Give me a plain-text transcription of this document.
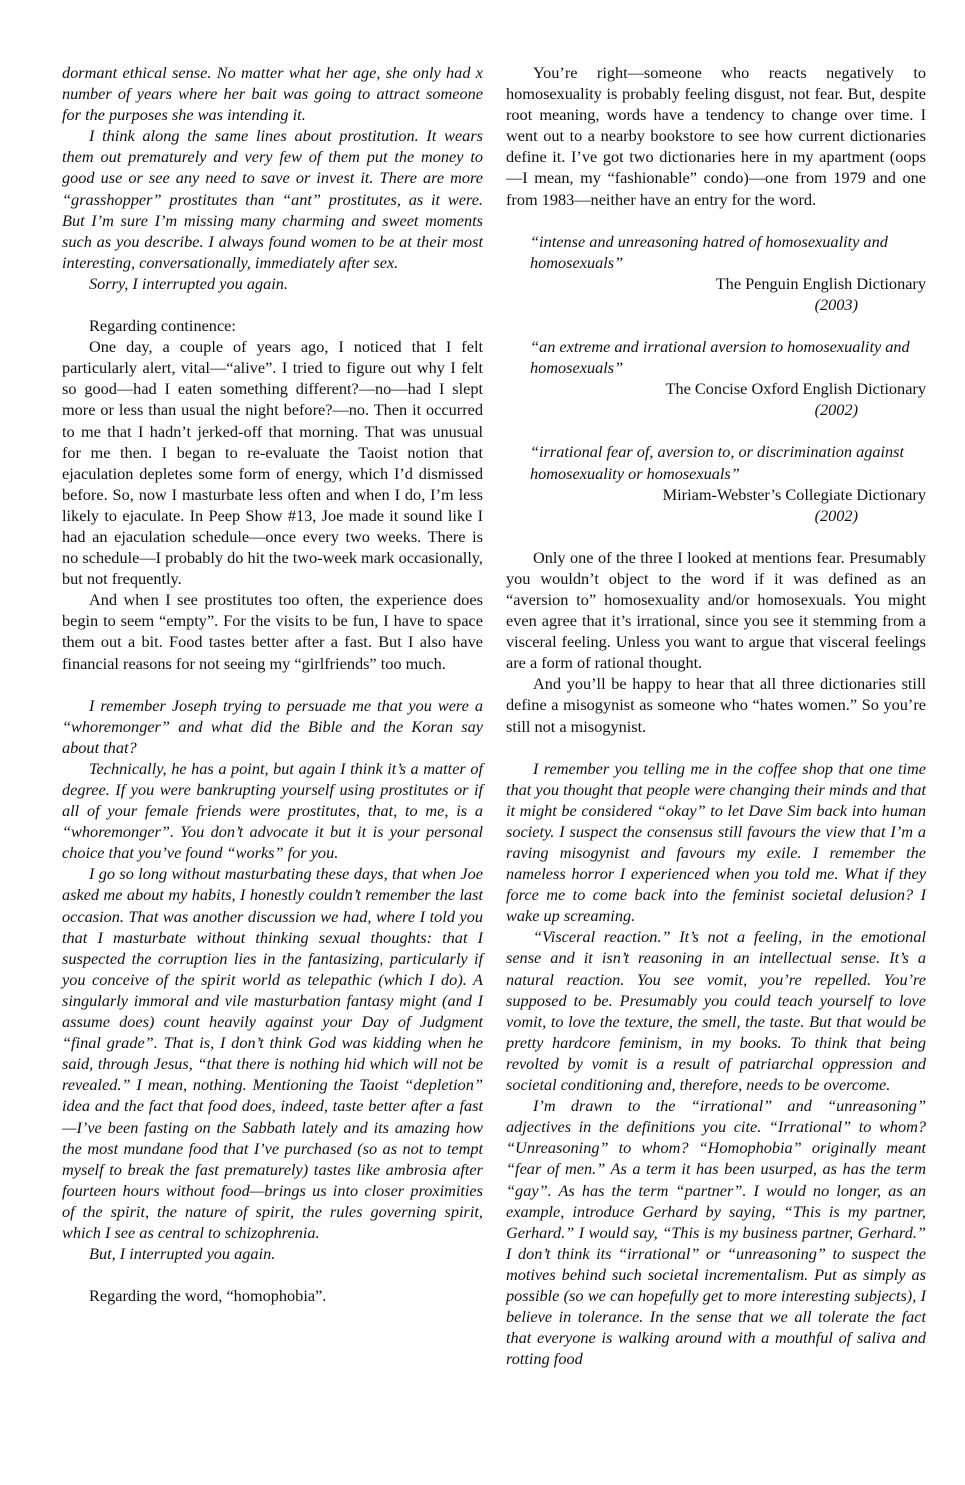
dormant ethical sense. No matter what her age, she only had x number of years where her bait was going to attract someone for the purposes she was intending it.

I think along the same lines about prostitution. It wears them out prematurely and very few of them put the money to good use or see any need to save or invest it. There are more “grasshopper” prostitutes than “ant” prostitutes, as it were. But I’m sure I’m missing many charming and sweet moments such as you describe. I always found women to be at their most interesting, conversationally, immediately after sex.

Sorry, I interrupted you again.

Regarding continence:

One day, a couple of years ago, I noticed that I felt particularly alert, vital—“alive”. I tried to figure out why I felt so good—had I eaten something different?—no—had I slept more or less than usual the night before?—no. Then it occurred to me that I hadn’t jerked-off that morning. That was unusual for me then. I began to re-evaluate the Taoist notion that ejaculation depletes some form of energy, which I’d dismissed before. So, now I masturbate less often and when I do, I’m less likely to ejaculate. In Peep Show #13, Joe made it sound like I had an ejaculation schedule—once every two weeks. There is no schedule—I probably do hit the two-week mark occasionally, but not frequently.

And when I see prostitutes too often, the experience does begin to seem “empty”. For the visits to be fun, I have to space them out a bit. Food tastes better after a fast. But I also have financial reasons for not seeing my “girlfriends” too much.

I remember Joseph trying to persuade me that you were a “whoremonger” and what did the Bible and the Koran say about that?

Technically, he has a point, but again I think it’s a matter of degree. If you were bankrupting yourself using prostitutes or if all of your female friends were prostitutes, that, to me, is a “whoremonger”. You don’t advocate it but it is your personal choice that you’ve found “works” for you.

I go so long without masturbating these days, that when Joe asked me about my habits, I honestly couldn’t remember the last occasion. That was another discussion we had, where I told you that I masturbate without thinking sexual thoughts: that I suspected the corruption lies in the fantasizing, particularly if you conceive of the spirit world as telepathic (which I do). A singularly immoral and vile masturbation fantasy might (and I assume does) count heavily against your Day of Judgment “final grade”. That is, I don’t think God was kidding when he said, through Jesus, “that there is nothing hid which will not be revealed.” I mean, nothing. Mentioning the Taoist “depletion” idea and the fact that food does, indeed, taste better after a fast—I’ve been fasting on the Sabbath lately and its amazing how the most mundane food that I’ve purchased (so as not to tempt myself to break the fast prematurely) tastes like ambrosia after fourteen hours without food—brings us into closer proximities of the spirit, the nature of spirit, the rules governing spirit, which I see as central to schizophrenia.

But, I interrupted you again.

Regarding the word, “homophobia”.

You’re right—someone who reacts negatively to homosexuality is probably feeling disgust, not fear. But, despite root meaning, words have a tendency to change over time. I went out to a nearby bookstore to see how current dictionaries define it. I’ve got two dictionaries here in my apartment (oops—I mean, my “fashionable” condo)—one from 1979 and one from 1983—neither have an entry for the word.

“intense and unreasoning hatred of homosexuality and homosexuals”

The Penguin English Dictionary

(2003)

“an extreme and irrational aversion to homosexuality and homosexuals”

The Concise Oxford English Dictionary

(2002)

“irrational fear of, aversion to, or discrimination against homosexuality or homosexuals”

Miriam-Webster’s Collegiate Dictionary

(2002)

Only one of the three I looked at mentions fear. Presumably you wouldn’t object to the word if it was defined as an “aversion to” homosexuality and/or homosexuals. You might even agree that it’s irrational, since you see it stemming from a visceral feeling. Unless you want to argue that visceral feelings are a form of rational thought.

And you’ll be happy to hear that all three dictionaries still define a misogynist as someone who “hates women.” So you’re still not a misogynist.

I remember you telling me in the coffee shop that one time that you thought that people were changing their minds and that it might be considered “okay” to let Dave Sim back into human society. I suspect the consensus still favours the view that I’m a raving misogynist and favours my exile. I remember the nameless horror I experienced when you told me. What if they force me to come back into the feminist societal delusion? I wake up screaming.

“Visceral reaction.” It’s not a feeling, in the emotional sense and it isn’t reasoning in an intellectual sense. It’s a natural reaction. You see vomit, you’re repelled. You’re supposed to be. Presumably you could teach yourself to love vomit, to love the texture, the smell, the taste. But that would be pretty hardcore feminism, in my books. To think that being revolted by vomit is a result of patriarchal oppression and societal conditioning and, therefore, needs to be overcome.

I’m drawn to the “irrational” and “unreasoning” adjectives in the definitions you cite. “Irrational” to whom? “Unreasoning” to whom? “Homophobia” originally meant “fear of men.” As a term it has been usurped, as has the term “gay”. As has the term “partner”. I would no longer, as an example, introduce Gerhard by saying, “This is my partner, Gerhard.” I would say, “This is my business partner, Gerhard.” I don’t think its “irrational” or “unreasoning” to suspect the motives behind such societal incrementalism. Put as simply as possible (so we can hopefully get to more interesting subjects), I believe in tolerance. In the sense that we all tolerate the fact that everyone is walking around with a mouthful of saliva and rotting food
